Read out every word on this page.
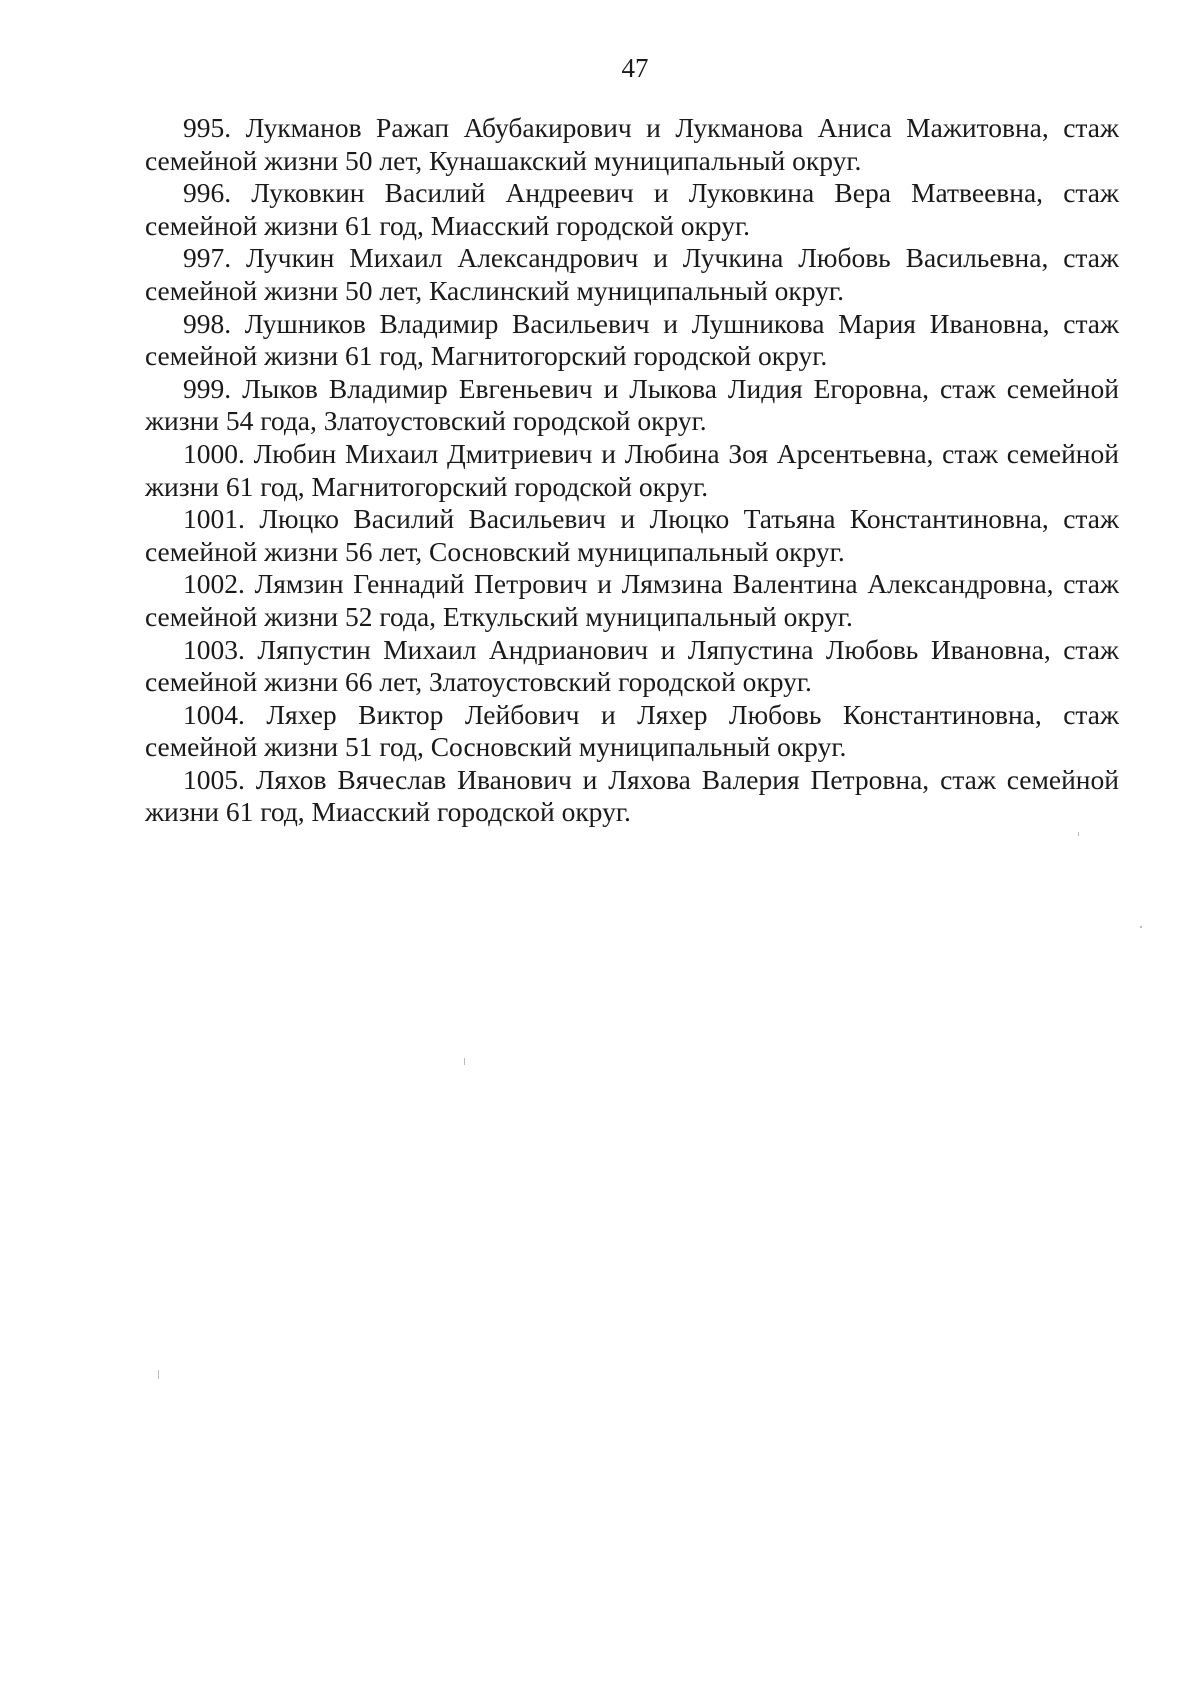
47

995. Лукманов Ражап Абубакирович и Лукманова Аниса Мажитовна, стаж семейной жизни 50 лет, Кунашакский муниципальный округ.

996. Луковкин Василий Андреевич и Луковкина Вера Матвеевна, стаж семейной жизни 61 год, Миасский городской округ.

997. Лучкин Михаил Александрович и Лучкина Любовь Васильевна, стаж семейной жизни 50 лет, Каслинский муниципальный округ.

998. Лушников Владимир Васильевич и Лушникова Мария Ивановна, стаж семейной жизни 61 год, Магнитогорский городской округ.

999. Лыков Владимир Евгеньевич и Лыкова Лидия Егоровна, стаж семейной жизни 54 года, Златоустовский городской округ.

1000. Любин Михаил Дмитриевич и Любина Зоя Арсентьевна, стаж семейной жизни 61 год, Магнитогорский городской округ.

1001. Люцко Василий Васильевич и Люцко Татьяна Константиновна, стаж семейной жизни 56 лет, Сосновский муниципальный округ.

1002. Лямзин Геннадий Петрович и Лямзина Валентина Александровна, стаж семейной жизни 52 года, Еткульский муниципальный округ.

1003. Ляпустин Михаил Андрианович и Ляпустина Любовь Ивановна, стаж семейной жизни 66 лет, Златоустовский городской округ.

1004. Ляхер Виктор Лейбович и Ляхер Любовь Константиновна, стаж семейной жизни 51 год, Сосновский муниципальный округ.

1005. Ляхов Вячеслав Иванович и Ляхова Валерия Петровна, стаж семейной жизни 61 год, Миасский городской округ.
